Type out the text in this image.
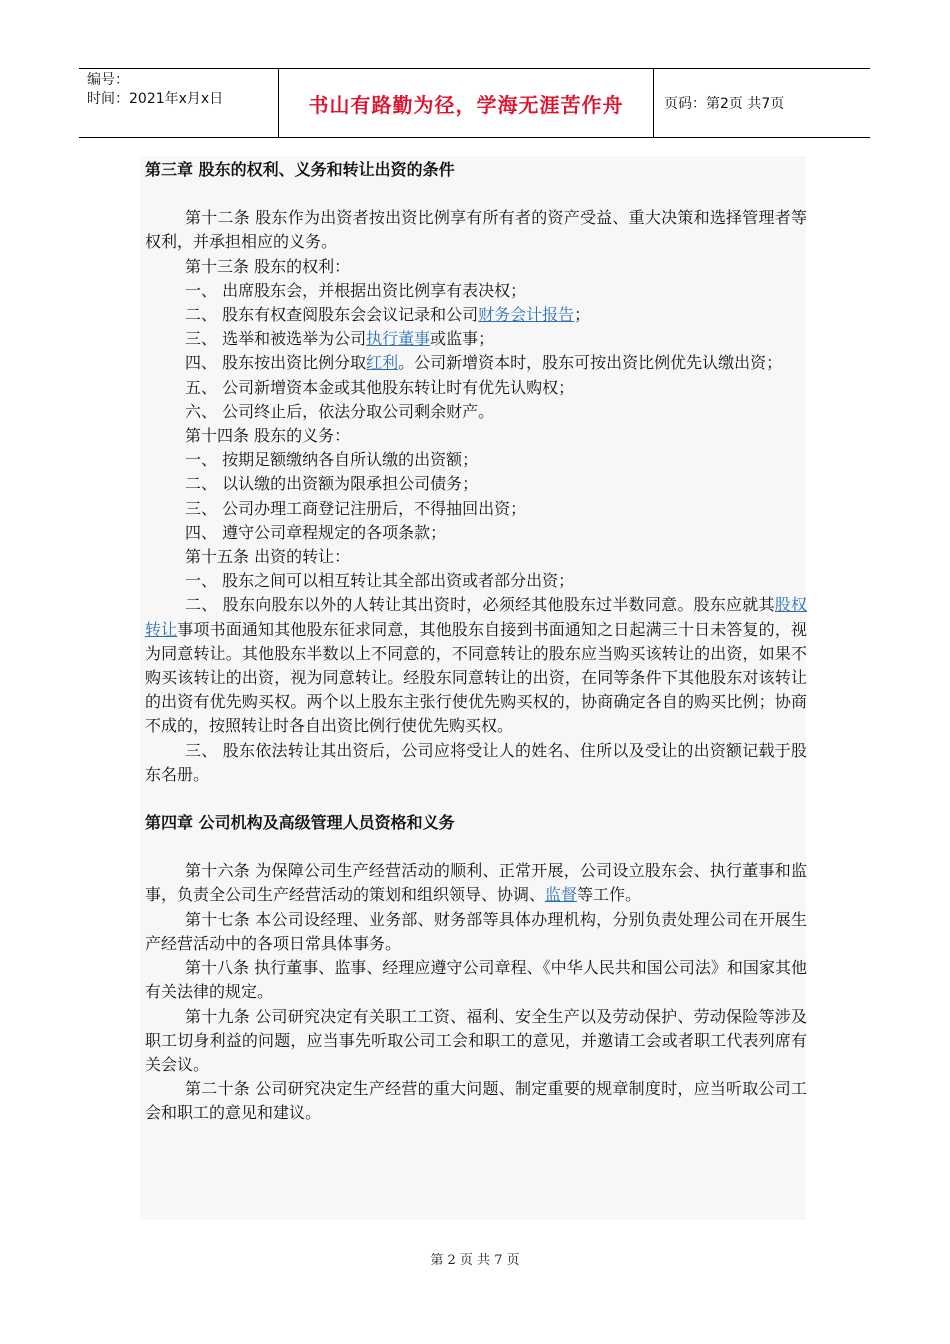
编号：
时间：2021年x月x日	书山有路勤为径，学海无涯苦作舟	页码：第2页 共7页

第三章 股东的权利、义务和转让出资的条件

第十二条 股东作为出资者按出资比例享有所有者的资产受益、重大决策和选择管理者等权利，并承担相应的义务。

第十三条 股东的权利：

一、 出席股东会，并根据出资比例享有表决权；

二、 股东有权查阅股东会会议记录和公司财务会计报告；

三、 选举和被选举为公司执行董事或监事；

四、 股东按出资比例分取红利。公司新增资本时，股东可按出资比例优先认缴出资；

五、 公司新增资本金或其他股东转让时有优先认购权；

六、 公司终止后，依法分取公司剩余财产。

第十四条 股东的义务：

一、 按期足额缴纳各自所认缴的出资额；

二、 以认缴的出资额为限承担公司债务；

三、 公司办理工商登记注册后，不得抽回出资；

四、 遵守公司章程规定的各项条款；

第十五条 出资的转让：

一、 股东之间可以相互转让其全部出资或者部分出资；

二、 股东向股东以外的人转让其出资时，必须经其他股东过半数同意。股东应就其股权转让事项书面通知其他股东征求同意，其他股东自接到书面通知之日起满三十日未答复的，视为同意转让。其他股东半数以上不同意的，不同意转让的股东应当购买该转让的出资，如果不购买该转让的出资，视为同意转让。经股东同意转让的出资，在同等条件下其他股东对该转让的出资有优先购买权。两个以上股东主张行使优先购买权的，协商确定各自的购买比例；协商不成的，按照转让时各自出资比例行使优先购买权。

三、 股东依法转让其出资后，公司应将受让人的姓名、住所以及受让的出资额记载于股东名册。

第四章 公司机构及高级管理人员资格和义务

第十六条 为保障公司生产经营活动的顺利、正常开展，公司设立股东会、执行董事和监事，负责全公司生产经营活动的策划和组织领导、协调、监督等工作。

第十七条 本公司设经理、业务部、财务部等具体办理机构，分别负责处理公司在开展生产经营活动中的各项日常具体事务。

第十八条 执行董事、监事、经理应遵守公司章程、《中华人民共和国公司法》和国家其他有关法律的规定。

第十九条 公司研究决定有关职工工资、福利、安全生产以及劳动保护、劳动保险等涉及职工切身利益的问题，应当事先听取公司工会和职工的意见，并邀请工会或者职工代表列席有关会议。

第二十条 公司研究决定生产经营的重大问题、制定重要的规章制度时，应当听取公司工会和职工的意见和建议。

第 2 页 共 7 页
